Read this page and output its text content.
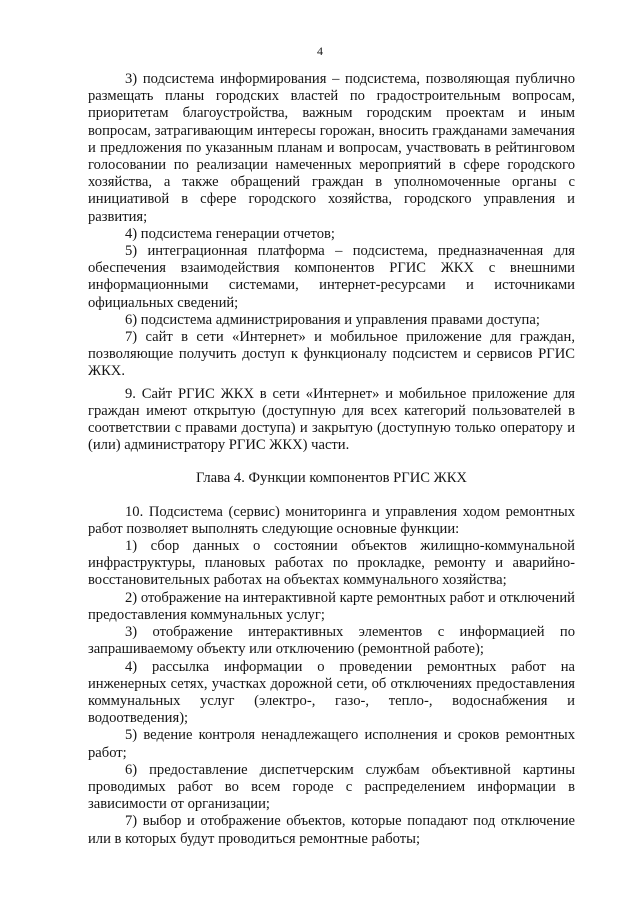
4

3) подсистема информирования – подсистема, позволяющая публично размещать планы городских властей по градостроительным вопросам, приоритетам благоустройства, важным городским проектам и иным вопросам, затрагивающим интересы горожан, вносить гражданами замечания и предложения по указанным планам и вопросам, участвовать в рейтинговом голосовании по реализации намеченных мероприятий в сфере городского хозяйства, а также обращений граждан в уполномоченные органы с инициативой в сфере городского хозяйства, городского управления и развития;

4) подсистема генерации отчетов;

5) интеграционная платформа – подсистема, предназначенная для обеспечения взаимодействия компонентов РГИС ЖКХ с внешними информационными системами, интернет-ресурсами и источниками официальных сведений;

6) подсистема администрирования и управления правами доступа;

7) сайт в сети «Интернет» и мобильное приложение для граждан, позволяющие получить доступ к функционалу подсистем и сервисов РГИС ЖКХ.

9. Сайт РГИС ЖКХ в сети «Интернет» и мобильное приложение для граждан имеют открытую (доступную для всех категорий пользователей в соответствии с правами доступа) и закрытую (доступную только оператору и (или) администратору РГИС ЖКХ) части.

Глава 4. Функции компонентов РГИС ЖКХ

10. Подсистема (сервис) мониторинга и управления ходом ремонтных работ позволяет выполнять следующие основные функции:

1) сбор данных о состоянии объектов жилищно-коммунальной инфраструктуры, плановых работах по прокладке, ремонту и аварийно-восстановительных работах на объектах коммунального хозяйства;

2) отображение на интерактивной карте ремонтных работ и отключений предоставления коммунальных услуг;

3) отображение интерактивных элементов с информацией по запрашиваемому объекту или отключению (ремонтной работе);

4) рассылка информации о проведении ремонтных работ на инженерных сетях, участках дорожной сети, об отключениях предоставления коммунальных услуг (электро-, газо-, тепло-, водоснабжения и водоотведения);

5) ведение контроля ненадлежащего исполнения и сроков ремонтных работ;

6) предоставление диспетчерским службам объективной картины проводимых работ во всем городе с распределением информации в зависимости от организации;

7) выбор и отображение объектов, которые попадают под отключение или в которых будут проводиться ремонтные работы;
